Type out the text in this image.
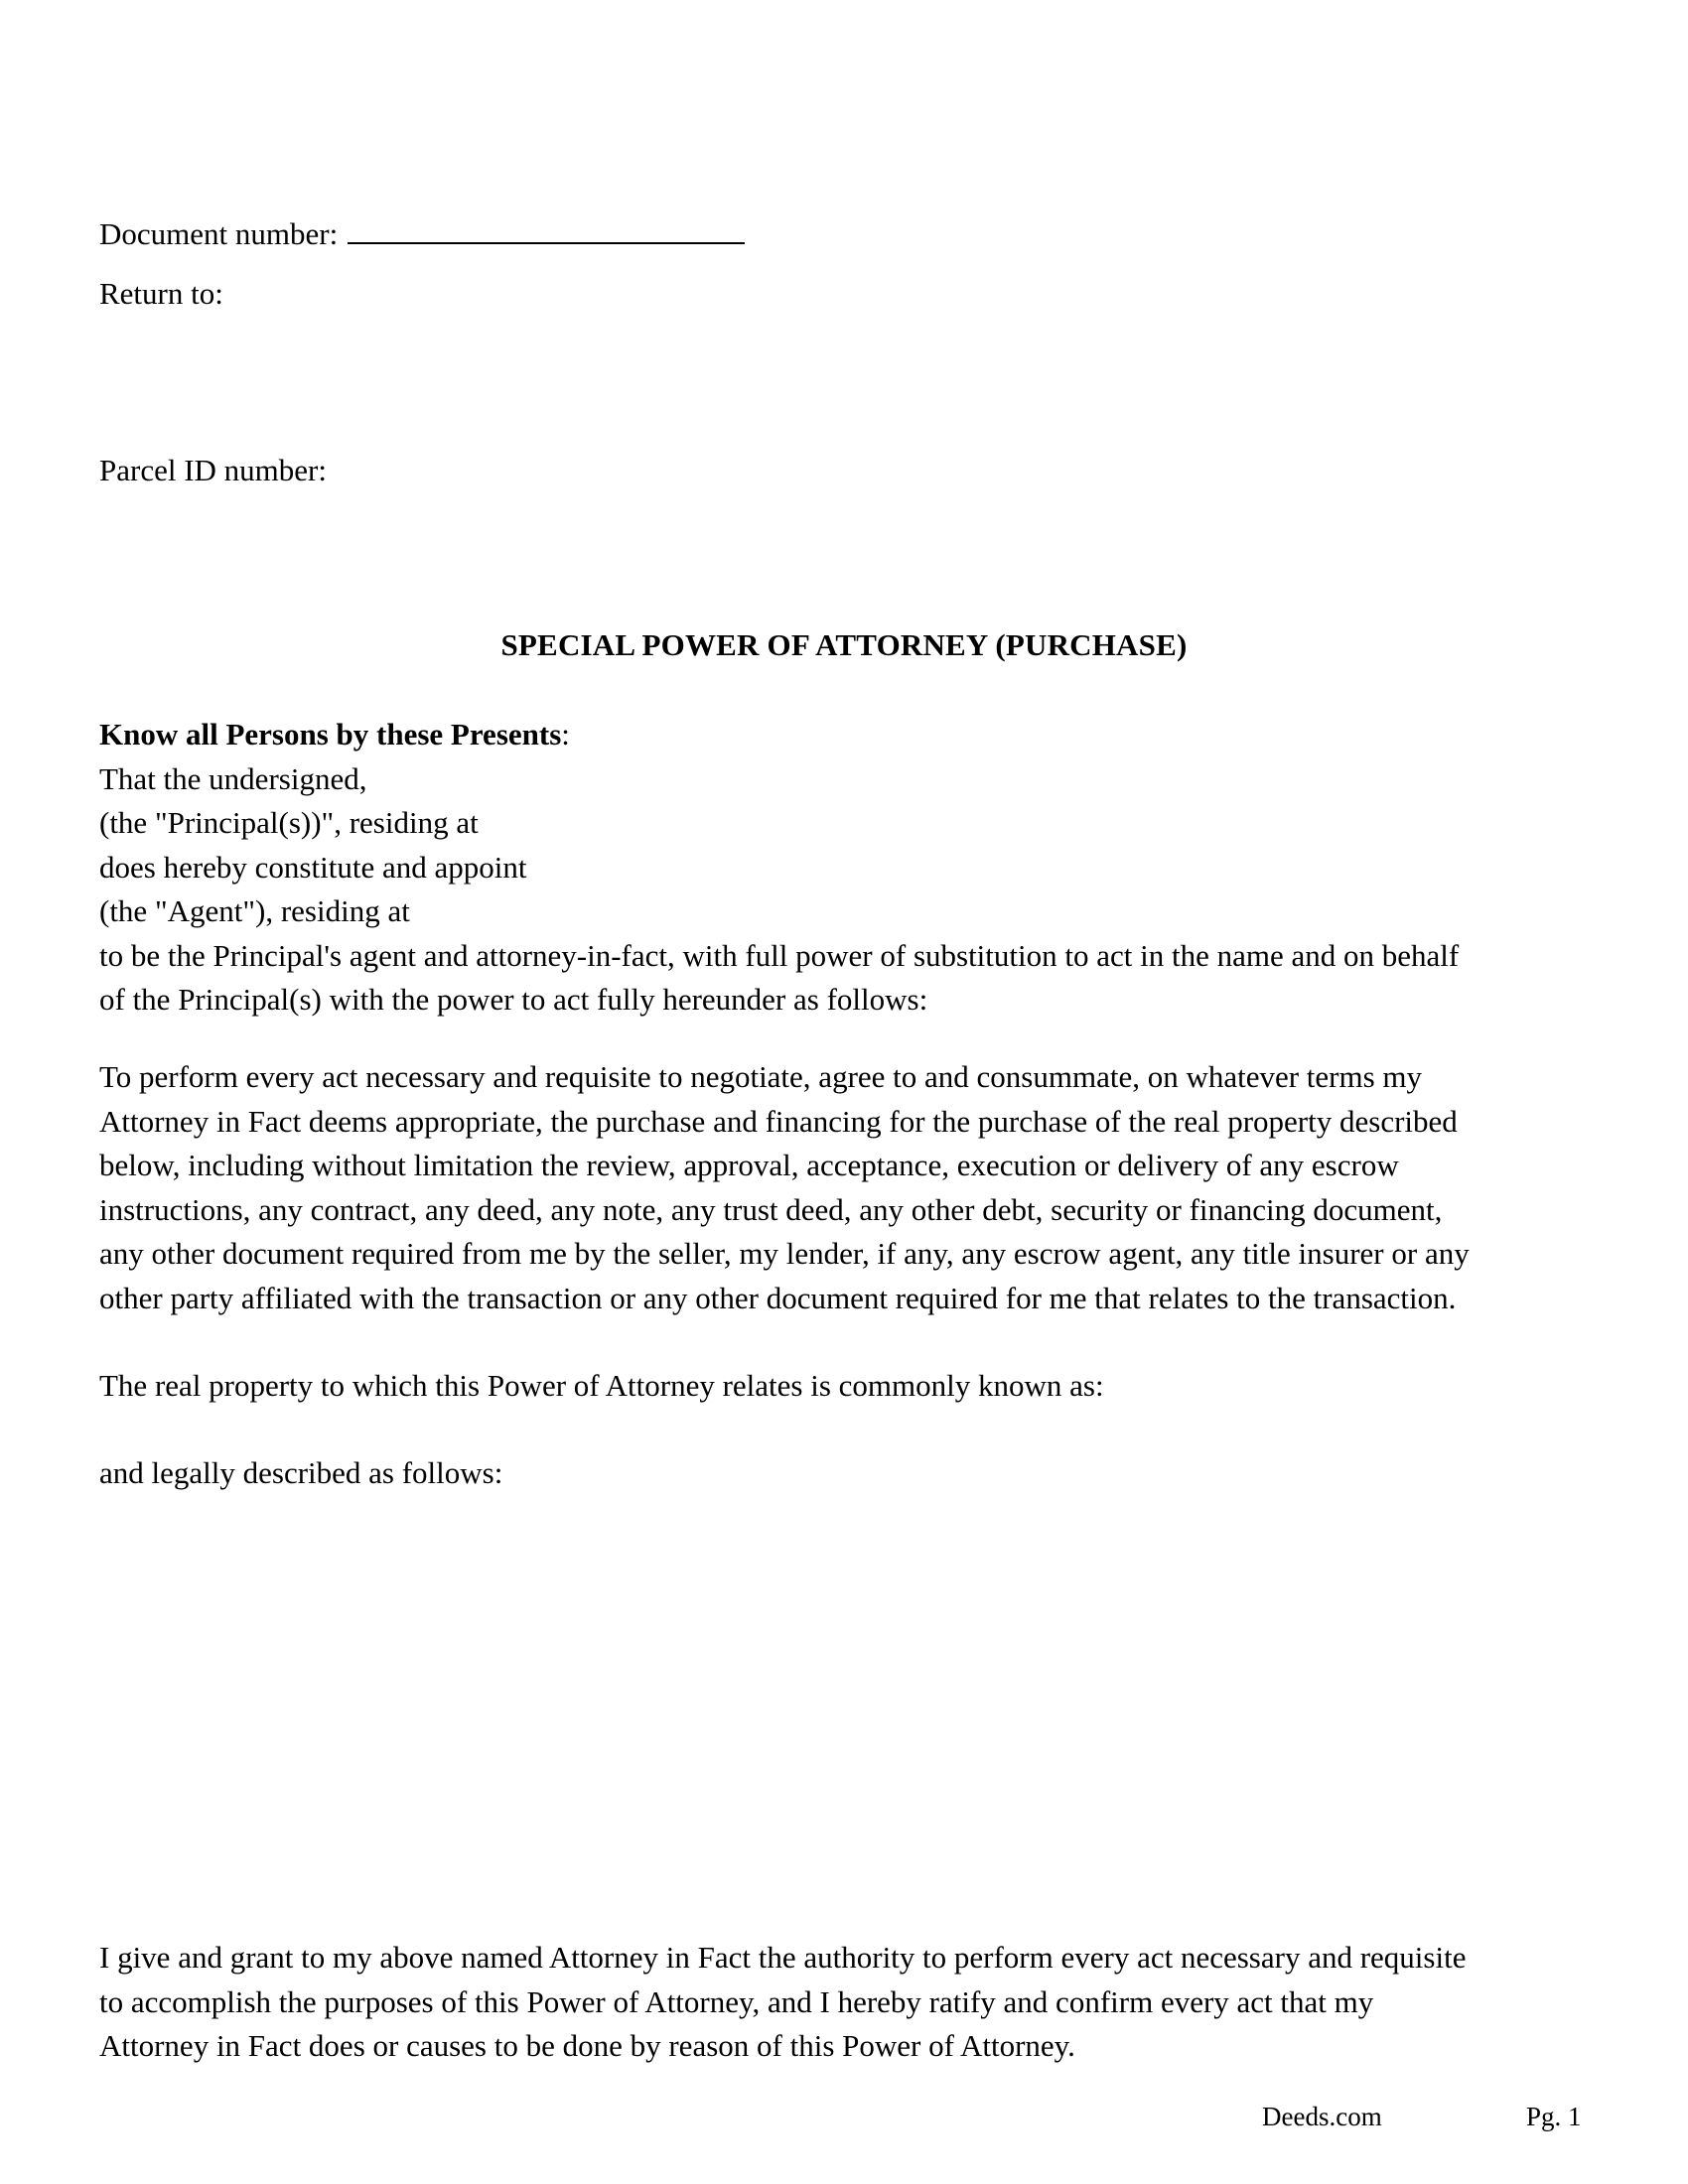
Document number:
Return to:
Parcel ID number:
SPECIAL POWER OF ATTORNEY (PURCHASE)

Know all Persons by these Presents:

That the undersigned,

(the "Principal(s))", residing at

does hereby constitute and appoint

(the "Agent"), residing at

to be the Principal's agent and attorney-in-fact, with full power of substitution to act in the name and on behalf

of the Principal(s) with the power to act fully hereunder as follows:

To perform every act necessary and requisite to negotiate, agree to and consummate, on whatever terms my

Attorney in Fact deems appropriate, the purchase and financing for the purchase of the real property described

below, including without limitation the review, approval, acceptance, execution or delivery of any escrow

instructions, any contract, any deed, any note, any trust deed, any other debt, security or financing document,

any other document required from me by the seller, my lender, if any, any escrow agent, any title insurer or any

other party affiliated with the transaction or any other document required for me that relates to the transaction.

The real property to which this Power of Attorney relates is commonly known as:
and legally described as follows:

I give and grant to my above named Attorney in Fact the authority to perform every act necessary and requisite

to accomplish the purposes of this Power of Attorney, and I hereby ratify and confirm every act that my

Attorney in Fact does or causes to be done by reason of this Power of Attorney.

Deeds.com	Pg. 1
